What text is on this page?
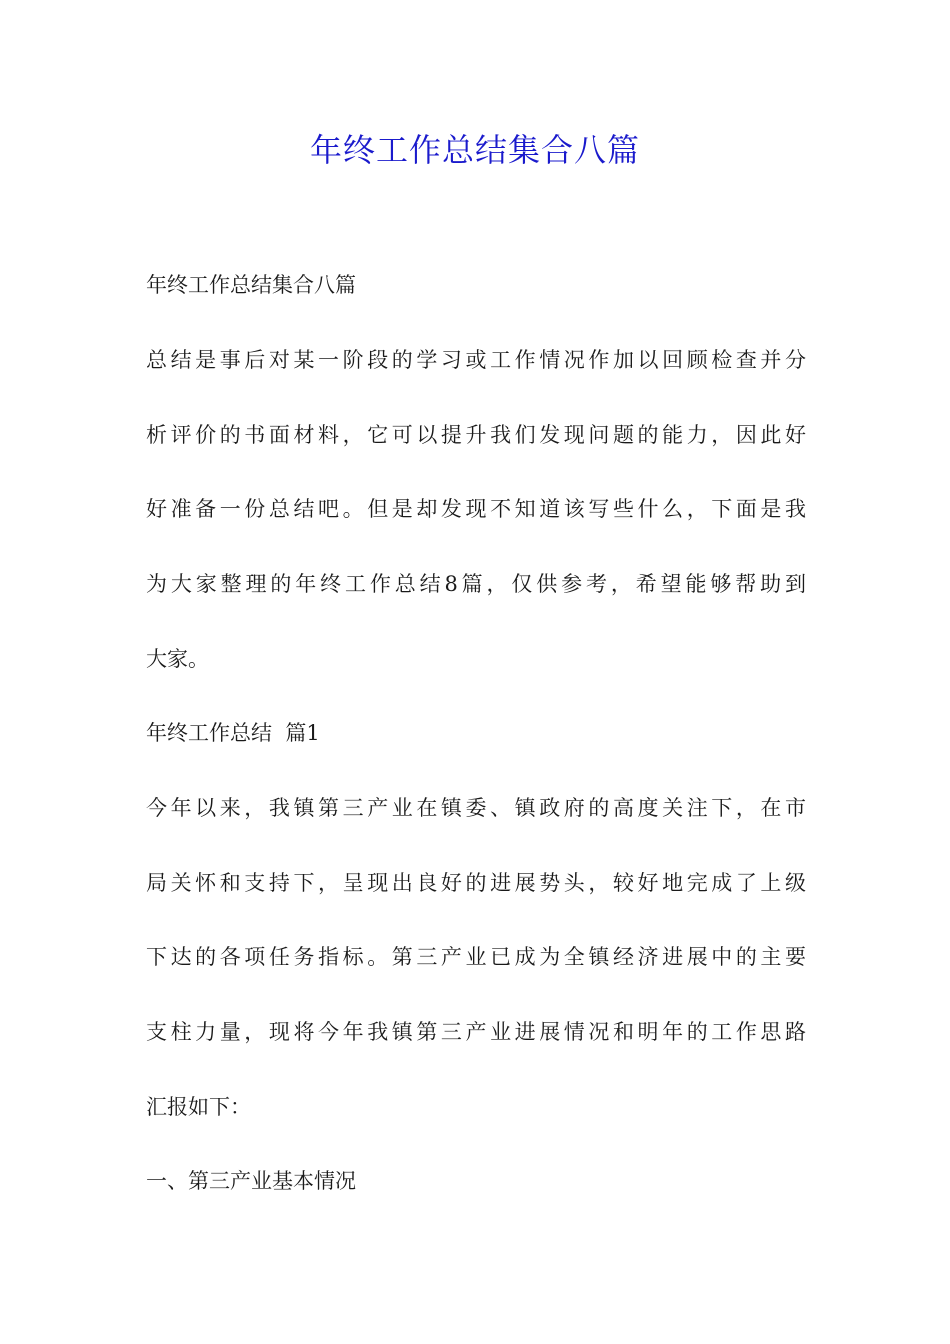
年终工作总结集合八篇

年终工作总结集合八篇

总结是事后对某一阶段的学习或工作情况作加以回顾检查并分

析评价的书面材料，它可以提升我们发现问题的能力，因此好

好准备一份总结吧。但是却发现不知道该写些什么，下面是我

为大家整理的年终工作总结8篇，仅供参考，希望能够帮助到

大家。

年终工作总结  篇1

今年以来，我镇第三产业在镇委、镇政府的高度关注下，在市

局关怀和支持下，呈现出良好的进展势头，较好地完成了上级

下达的各项任务指标。第三产业已成为全镇经济进展中的主要

支柱力量，现将今年我镇第三产业进展情况和明年的工作思路

汇报如下：

一、第三产业基本情况
